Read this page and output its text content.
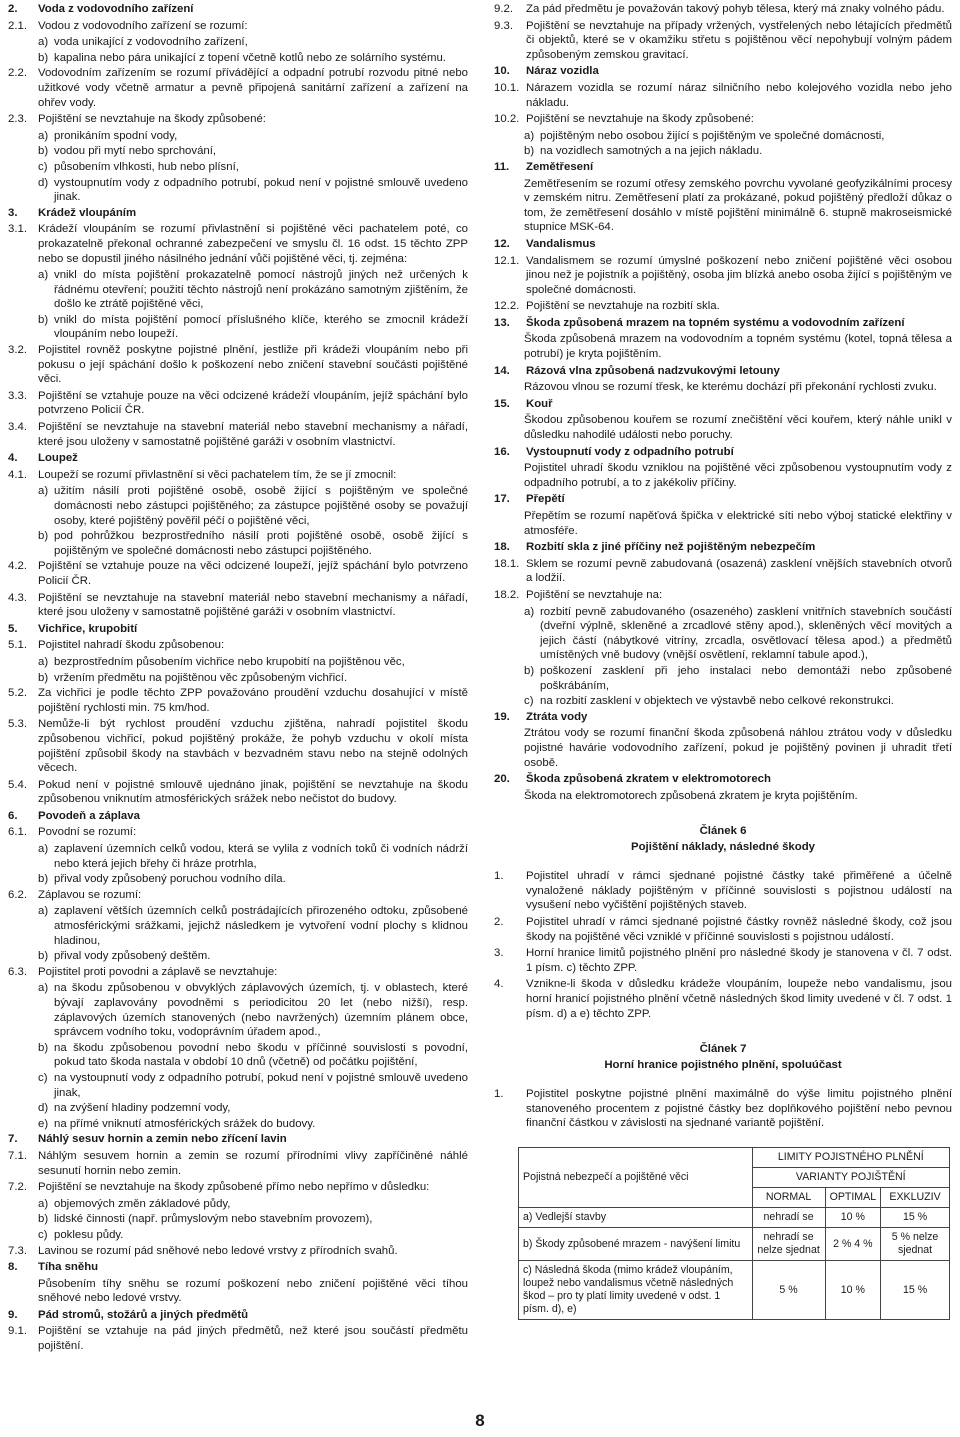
2.	Voda z vodovodního zařízení
2.1. Vodou z vodovodního zařízení se rozumí:
a) voda unikající z vodovodního zařízení,
b) kapalina nebo pára unikající z topení včetně kotlů nebo ze solárního systému.
2.2. Vodovodním zařízením se rozumí přívádějící a odpadní potrubí rozvodu pitné nebo užitkové vody včetně armatur a pevně připojená sanitární zařízení a zařízení na ohřev vody.
2.3. Pojištění se nevztahuje na škody způsobené:
a) pronikáním spodní vody,
b) vodou při mytí nebo sprchování,
c) působením vlhkosti, hub nebo plísní,
d) vystoupnutím vody z odpadního potrubí, pokud není v pojistné smlouvě uvedeno jinak.
3.	Krádež vloupáním
3.1. Krádeží vloupáním se rozumí přivlastnění si pojištěné věci pachatelem poté, co prokazatelně překonal ochranné zabezpečení ve smyslu čl. 16 odst. 15 těchto ZPP nebo se dopustil jiného násilného jednání vůči pojištěné věci, tj. zejména:
a) vnikl do místa pojištění prokazatelně pomocí nástrojů jiných než určených k řádnému otevření; použití těchto nástrojů není prokázáno samotným zjištěním, že došlo ke ztrátě pojištěné věci,
b) vnikl do místa pojištění pomocí příslušného klíče, kterého se zmocnil krádeží vloupáním nebo loupeží.
3.2. Pojistitel rovněž poskytne pojistné plnění, jestliže při krádeži vloupáním nebo při pokusu o její spáchání došlo k poškození nebo zničení stavební součásti pojištěné věci.
3.3. Pojištění se vztahuje pouze na věci odcizené krádeží vloupáním, jejíž spáchání bylo potvrzeno Policií ČR.
3.4. Pojištění se nevztahuje na stavební materiál nebo stavební mechanismy a nářadí, které jsou uloženy v samostatně pojištěné garáži v osobním vlastnictví.
4.	Loupež
4.1. Loupeží se rozumí přivlastnění si věci pachatelem tím, že se jí zmocnil:
a) užitím násilí proti pojištěné osobě, osobě žijící s pojištěným ve společné domácnosti nebo zástupci pojištěného; za zástupce pojištěné osoby se považují osoby, které pojištěný pověřil péčí o pojištěné věci,
b) pod pohrůžkou bezprostředního násilí proti pojištěné osobě, osobě žijící s pojištěným ve společné domácnosti nebo zástupci pojištěného.
4.2. Pojištění se vztahuje pouze na věci odcizené loupeží, jejíž spáchání bylo potvrzeno Policií ČR.
4.3. Pojištění se nevztahuje na stavební materiál nebo stavební mechanismy a nářadí, které jsou uloženy v samostatně pojištěné garáži v osobním vlastnictví.
5.	Vichřice, krupobití
5.1. Pojistitel nahradí škodu způsobenou:
a) bezprostředním působením vichřice nebo krupobití na pojištěnou věc,
b) vržením předmětu na pojištěnou věc způsobeným vichřicí.
5.2. Za vichřici je podle těchto ZPP považováno proudění vzduchu dosahující v místě pojištění rychlosti min. 75 km/hod.
5.3. Nemůže-li být rychlost proudění vzduchu zjištěna, nahradí pojistitel škodu způsobenou vichřicí, pokud pojištěný prokáže, že pohyb vzduchu v okolí místa pojištění způsobil škody na stavbách v bezvadném stavu nebo na stejně odolných věcech.
5.4. Pokud není v pojistné smlouvě ujednáno jinak, pojištění se nevztahuje na škodu způsobenou vniknutím atmosférických srážek nebo nečistot do budovy.
6.	Povodeň a záplava
6.1. Povodní se rozumí:
a) zaplavení územních celků vodou, která se vylila z vodních toků či vodních nádrží nebo která jejich břehy či hráze protrhla,
b) přival vody způsobený poruchou vodního díla.
6.2. Záplavou se rozumí:
a) zaplavení větších územních celků postrádajících přirozeného odtoku, způsobené atmosférickými srážkami, jejichž následkem je vytvoření vodní plochy s klidnou hladinou,
b) přival vody způsobený deštěm.
6.3. Pojistitel proti povodni a záplavě se nevztahuje:
a) na škodu způsobenou v obvyklých záplavových územích, tj. v oblastech, které bývají zaplavovány povodněmi s periodicitou 20 let (nebo nižší), resp. záplavových územích stanovených (nebo navržených) územním plánem obce, správcem vodního toku, vodoprávním úřadem apod.,
b) na škodu způsobenou povodní nebo škodu v příčinné souvislosti s povodní, pokud tato škoda nastala v období 10 dnů (včetně) od počátku pojištění,
c) na vystoupnutí vody z odpadního potrubí, pokud není v pojistné smlouvě uvedeno jinak,
d) na zvýšení hladiny podzemní vody,
e) na přímé vniknutí atmosférických srážek do budovy.
7.	Náhlý sesuv hornin a zemin nebo zřícení lavin
7.1. Náhlým sesuvem hornin a zemin se rozumí přírodními vlivy zapříčiněné náhlé sesunutí hornin nebo zemin.
7.2. Pojištění se nevztahuje na škody způsobené přímo nebo nepřímo v důsledku:
a) objemových změn základové půdy,
b) lidské činnosti (např. průmyslovým nebo stavebním provozem),
c) poklesu půdy.
7.3. Lavinou se rozumí pád sněhové nebo ledové vrstvy z přírodních svahů.
8.	Tíha sněhu
Působením tíhy sněhu se rozumí poškození nebo zničení pojištěné věci tíhou sněhové nebo ledové vrstvy.
9.	Pád stromů, stožárů a jiných předmětů
9.1. Pojištění se vztahuje na pád jiných předmětů, než které jsou součástí předmětu pojištění.
9.2.	Za pád předmětu je považován takový pohyb tělesa, který má znaky volného pádu.
9.3.	Pojištění se nevztahuje na případy vržených, vystřelených nebo létajících předmětů či objektů, které se v okamžiku střetu s pojištěnou věcí nepohybují volným pádem způsobeným zemskou gravitací.
10.	Náraz vozidla
10.1. Nárazem vozidla se rozumí náraz silničního nebo kolejového vozidla nebo jeho nákladu.
10.2. Pojištění se nevztahuje na škody způsobené:
a) pojištěným nebo osobou žijící s pojištěným ve společné domácnosti,
b) na vozidlech samotných a na jejich nákladu.
11.	Zemětřesení
Zemětřesením se rozumí otřesy zemského povrchu vyvolané geofyzikálními procesy v zemském nitru. Zemětřesení platí za prokázané, pokud pojištěný předloží důkaz o tom, že zemětřesení dosáhlo v místě pojištění minimálně 6. stupně makroseismické stupnice MSK-64.
12.	Vandalismus
12.1. Vandalismem se rozumí úmyslné poškození nebo zničení pojištěné věci osobou jinou než je pojistník a pojištěný, osoba jim blízká anebo osoba žijící s pojištěným ve společné domácnosti.
12.2. Pojištění se nevztahuje na rozbití skla.
13.	Škoda způsobená mrazem na topném systému a vodovodním zařízení
Škoda způsobená mrazem na vodovodním a topném systému (kotel, topná tělesa a potrubí) je kryta pojištěním.
14.	Rázová vlna způsobená nadzvukovými letouny
Rázovou vlnou se rozumí třesk, ke kterému dochází při překonání rychlosti zvuku.
15.	Kouř
Škodou způsobenou kouřem se rozumí znečištění věci kouřem, který náhle unikl v důsledku nahodilé události nebo poruchy.
16.	Vystoupnutí vody z odpadního potrubí
Pojistitel uhradí škodu vzniklou na pojištěné věci způsobenou vystoupnutím vody z odpadního potrubí, a to z jakékoliv příčiny.
17.	Přepětí
Přepětím se rozumí napěťová špička v elektrické síti nebo výboj statické elektřiny v atmosféře.
18.	Rozbití skla z jiné příčiny než pojištěným nebezpečím
18.1. Sklem se rozumí pevně zabudovaná (osazená) zasklení vnějších stavebních otvorů a lodžií.
18.2. Pojištění se nevztahuje na:
a) rozbití pevně zabudovaného (osazeného) zasklení vnitřních stavebních součástí (dveřní výplně, skleněné a zrcadlové stěny apod.), skleněných věcí movitých a jejich částí (nábytkové vitríny, zrcadla, osvětlovací tělesa apod.) a předmětů umístěných vně budovy (vnější osvětlení, reklamní tabule apod.),
b) poškození zasklení při jeho instalaci nebo demontáži nebo způsobené poškrábáním,
c) na rozbití zasklení v objektech ve výstavbě nebo celkové rekonstrukci.
19.	Ztráta vody
Ztrátou vody se rozumí finanční škoda způsobená náhlou ztrátou vody v důsledku pojistné havárie vodovodního zařízení, pokud je pojištěný povinen ji uhradit třetí osobě.
20.	Škoda způsobená zkratem v elektromotorech
Škoda na elektromotorech způsobená zkratem je kryta pojištěním.
Článek 6
Pojištění náklady, následné škody
1.	Pojistitel uhradí v rámci sjednané pojistné částky také přiměřené a účelně vynaložené náklady pojištěným v příčinné souvislosti s pojistnou událostí na vysušení nebo vyčištění pojištěných staveb.
2.	Pojistitel uhradí v rámci sjednané pojistné částky rovněž následné škody, což jsou škody na pojištěné věci vzniklé v příčinné souvislosti s pojistnou událostí.
3.	Horní hranice limitů pojistného plnění pro následné škody je stanovena v čl. 7 odst. 1 písm. c) těchto ZPP.
4.	Vznikne-li škoda v důsledku krádeže vloupáním, loupeže nebo vandalismu, jsou horní hranicí pojistného plnění včetně následných škod limity uvedené v čl. 7 odst. 1 písm. d) a e) těchto ZPP.
Článek 7
Horní hranice pojistného plnění, spoluúčast
1.	Pojistitel poskytne pojistné plnění maximálně do výše limitu pojistného plnění stanoveného procentem z pojistné částky bez doplňkového pojištění nebo pevnou finanční částkou v závislosti na sjednané variantě pojištění.
Pojistná nebezpečí a pojištěné věci	LIMITY POJISTNÉHO PLNĚNÍ		
	VARIANTY POJIŠTĚNÍ		
	NORMAL	OPTIMAL	EXKLUZIV
a) Vedlejší stavby	nehradí se	10 %	15 %
b) Škody způsobené mrazem - navýšení limitu	nehradí se nelze sjednat	2 % 4 %	5 % nelze sjednat
c) Následná škoda (mimo krádež vloupáním, loupež nebo vandalismus včetně následných škod – pro ty platí limity uvedené v odst. 1 písm. d), e)	5 %	10 %	15 %
8
